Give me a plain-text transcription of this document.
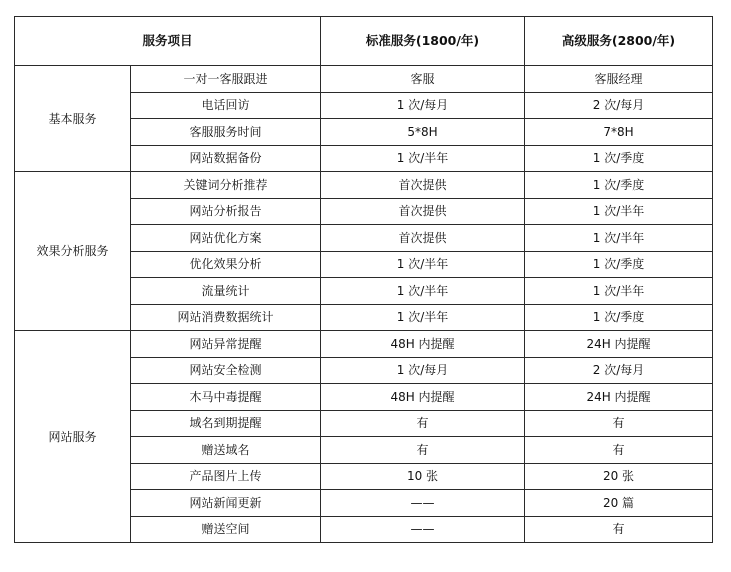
服务项目		标准服务(1800/年)	高级服务(2800/年)
基本服务	一对一客服跟进	客服	客服经理
	电话回访	1 次/每月	2 次/每月
	客服服务时间	5*8H	7*8H
	网站数据备份	1 次/半年	1 次/季度
效果分析服务	关键词分析推荐	首次提供	1 次/季度
	网站分析报告	首次提供	1 次/半年
	网站优化方案	首次提供	1 次/半年
	优化效果分析	1 次/半年	1 次/季度
	流量统计	1 次/半年	1 次/半年
	网站消费数据统计	1 次/半年	1 次/季度
网站服务	网站异常提醒	48H 内提醒	24H 内提醒
	网站安全检测	1 次/每月	2 次/每月
	木马中毒提醒	48H 内提醒	24H 内提醒
	域名到期提醒	有	有
	赠送域名	有	有
	产品图片上传	10 张	20 张
	网站新闻更新	——	20 篇
	赠送空间	——	有
